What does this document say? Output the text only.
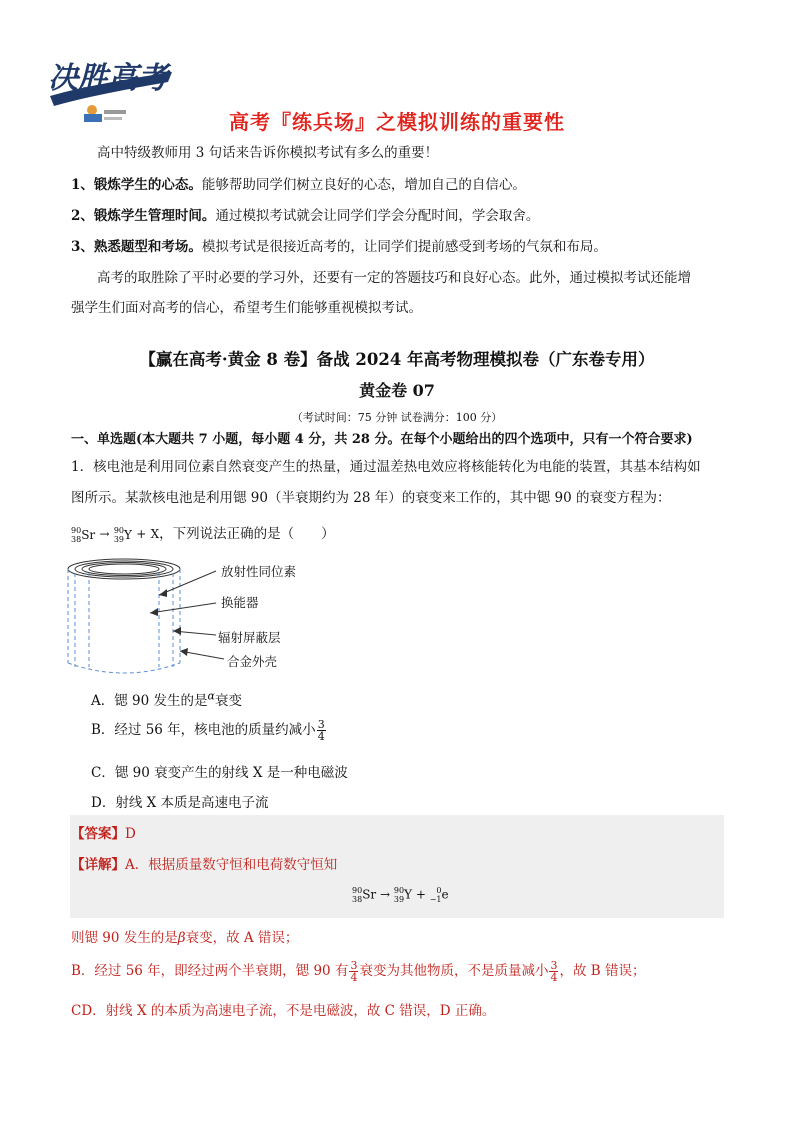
决胜高考
高考『练兵场』之模拟训练的重要性
高中特级教师用 3 句话来告诉你模拟考试有多么的重要！
1、锻炼学生的心态。能够帮助同学们树立良好的心态，增加自己的自信心。
2、锻炼学生管理时间。通过模拟考试就会让同学们学会分配时间，学会取舍。
3、熟悉题型和考场。模拟考试是很接近高考的，让同学们提前感受到考场的气氛和布局。
高考的取胜除了平时必要的学习外，还要有一定的答题技巧和良好心态。此外，通过模拟考试还能增
强学生们面对高考的信心，希望考生们能够重视模拟考试。
【赢在高考·黄金 8 卷】备战 2024 年高考物理模拟卷（广东卷专用）
黄金卷 07
（考试时间：75 分钟 试卷满分：100 分）
一、单选题(本大题共 7 小题，每小题 4 分，共 28 分。在每个小题给出的四个选项中，只有一个符合要求)
1．核电池是利用同位素自然衰变产生的热量，通过温差热电效应将核能转化为电能的装置，其基本结构如
图所示。某款核电池是利用锶 90（半衰期约为 28 年）的衰变来工作的，其中锶 90 的衰变方程为：
90
38 Sr → 90
39 Y + X，下列说法正确的是（　　）
放射性同位素
换能器
辐射屏蔽层
合金外壳
A．锶 90 发生的是$^\alpha$衰变
B．经过 56 年，核电池的质量约减小 $\frac{3}{4}$
C．锶 90 衰变产生的射线 X 是一种电磁波
D．射线 X 本质是高速电子流
【答案】D
【详解】A．根据质量数守恒和电荷数守恒知
90
38 Sr → 90
39 Y +	0
−1 e
则锶 90 发生的是β衰变，故 A 错误；
B．经过 56 年，即经过两个半衰期，锶 90 有 $\frac{3}{4}$ 衰变为其他物质，不是质量减小 $\frac{3}{4}$ ，故 B 错误；
CD．射线 X 的本质为高速电子流，不是电磁波，故 C 错误，D 正确。
